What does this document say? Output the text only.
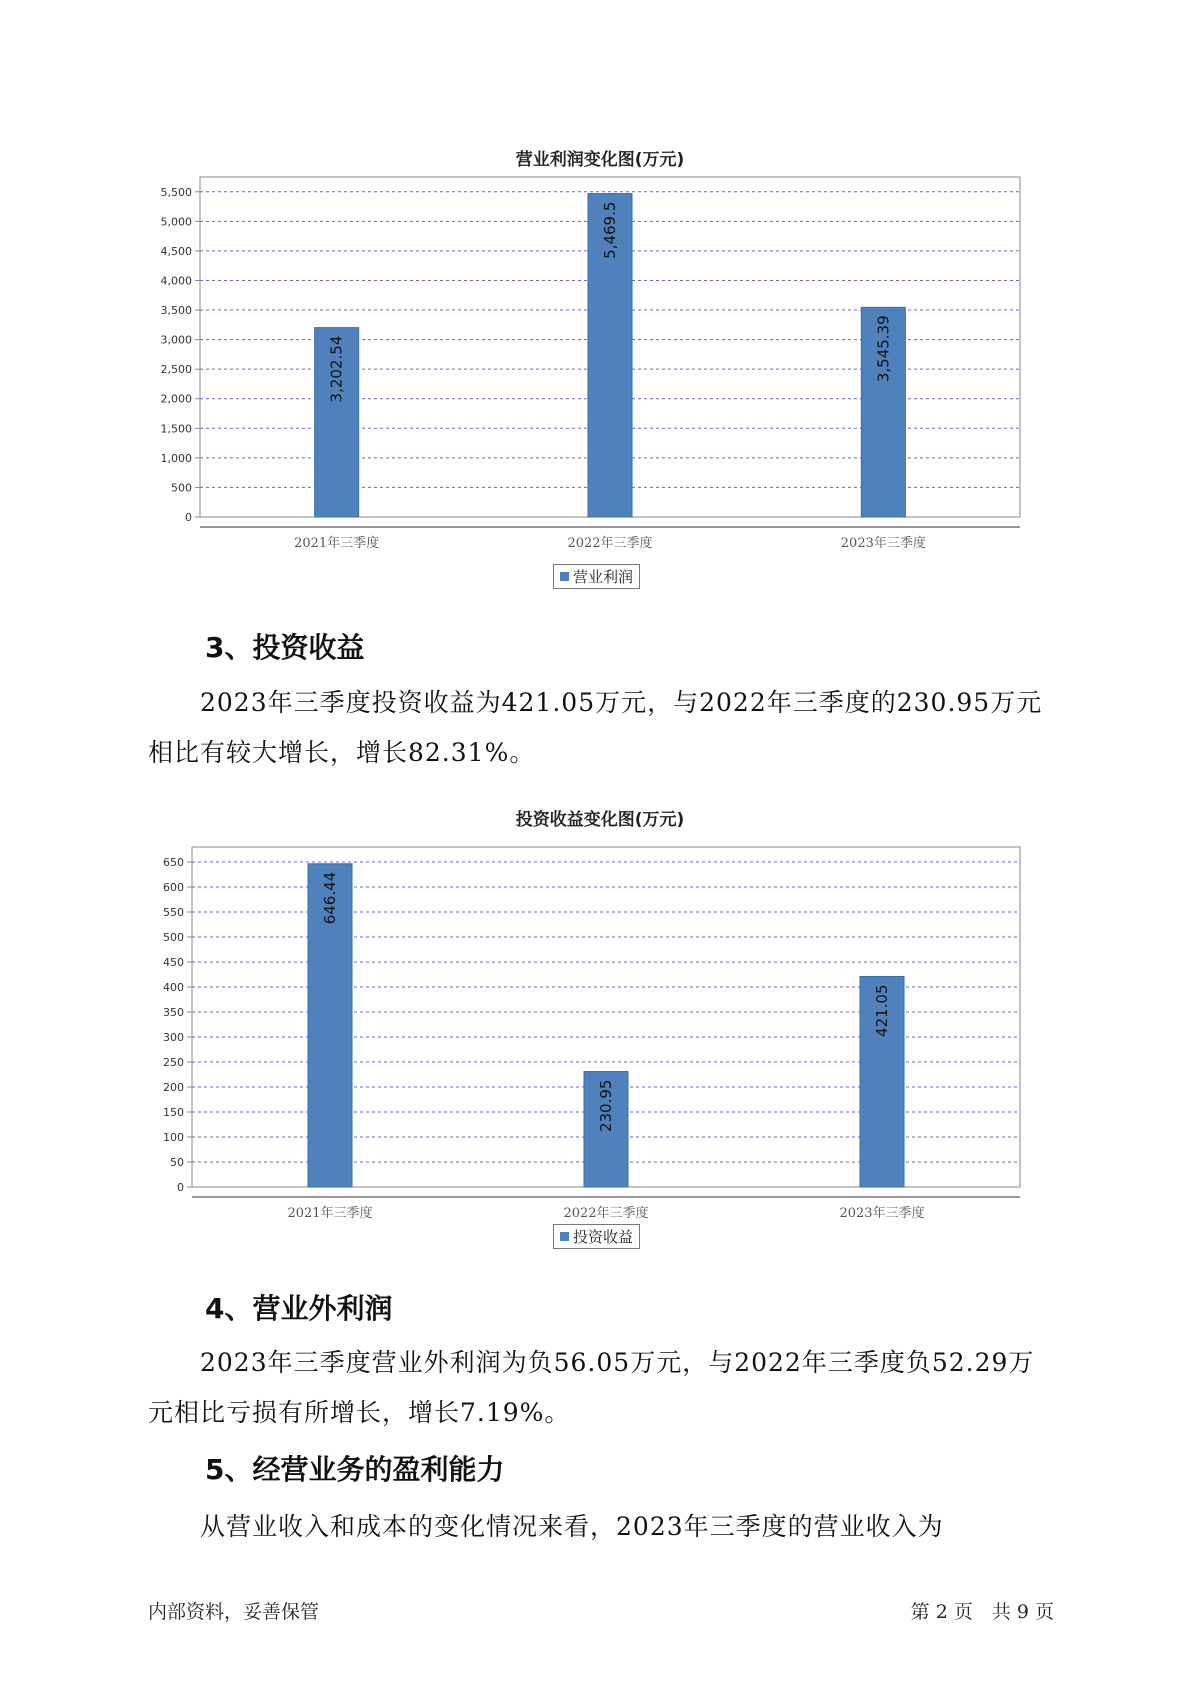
营业利润变化图(万元)
0
500
1,000
1,500
2,000
2,500
3,000
3,500
4,000
4,500
5,000
5,500
3,202.54
2021年三季度
5,469.5
2022年三季度
3,545.39
2023年三季度
营业利润
3、投资收益

2023年三季度投资收益为421.05万元，与2022年三季度的230.95万元
相比有较大增长，增长82.31%。

投资收益变化图(万元)
0
50
100
150
200
250
300
350
400
450
500
550
600
650
646.44
2021年三季度
230.95
2022年三季度
421.05
2023年三季度
投资收益
4、营业外利润

2023年三季度营业外利润为负56.05万元，与2022年三季度负52.29万
元相比亏损有所增长，增长7.19%。

5、经营业务的盈利能力

从营业收入和成本的变化情况来看，2023年三季度的营业收入为

内部资料，妥善保管	第 2 页　共 9 页
